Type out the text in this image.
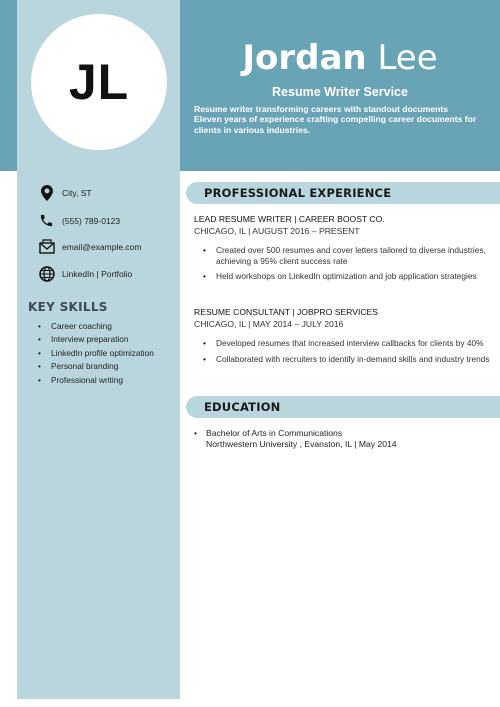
JL	Jordan Lee
Resume Writer Service
Resume writer transforming careers with standout documents
Eleven years of experience crafting compelling career documents for clients in various industries.
City, ST
(555) 789-0123
email@example.com
LinkedIn | Portfolio
KEY SKILLS
• Career coaching
• Interview preparation
• LinkedIn profile optimization
• Personal branding
• Professional writing
PROFESSIONAL EXPERIENCE
LEAD RESUME WRITER | CAREER BOOST CO.
CHICAGO, IL | AUGUST 2016 – PRESENT
• Created over 500 resumes and cover letters tailored to diverse industries, achieving a 95% client success rate
• Held workshops on LinkedIn optimization and job application strategies
RESUME CONSULTANT | JOBPRO SERVICES
CHICAGO, IL | MAY 2014 – JULY 2016
• Developed resumes that increased interview callbacks for clients by 40%
• Collaborated with recruiters to identify in-demand skills and industry trends
EDUCATION
• Bachelor of Arts in Communications
Northwestern University , Evanston, IL | May 2014
